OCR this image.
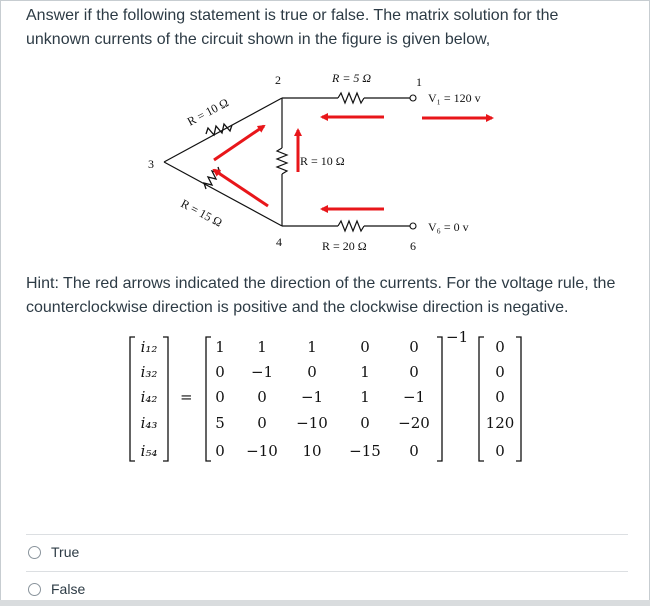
Answer if the following statement is true or false. The matrix solution for the unknown currents of the circuit shown in the figure is given below,
1
2
3
4	6
R = 5 Ω
R = 10 Ω
R = 20 Ω
R = 10 Ω
R = 15 Ω
V₁ = 120 v
V₆ = 0 v
Hint: The red arrows indicated the direction of the currents. For the voltage rule, the counterclockwise direction is positive and the clockwise direction is negative.
i₁₂
i₃₂
i₄₂
i₄₃
i₅₄
1 1	1	0	0
0 −1 0	1	0
0 0 −1 1 −1
5 0 −10 0 −20
0 −10 10 −15 0
0
0
0
120
0
=
−1
True
False
